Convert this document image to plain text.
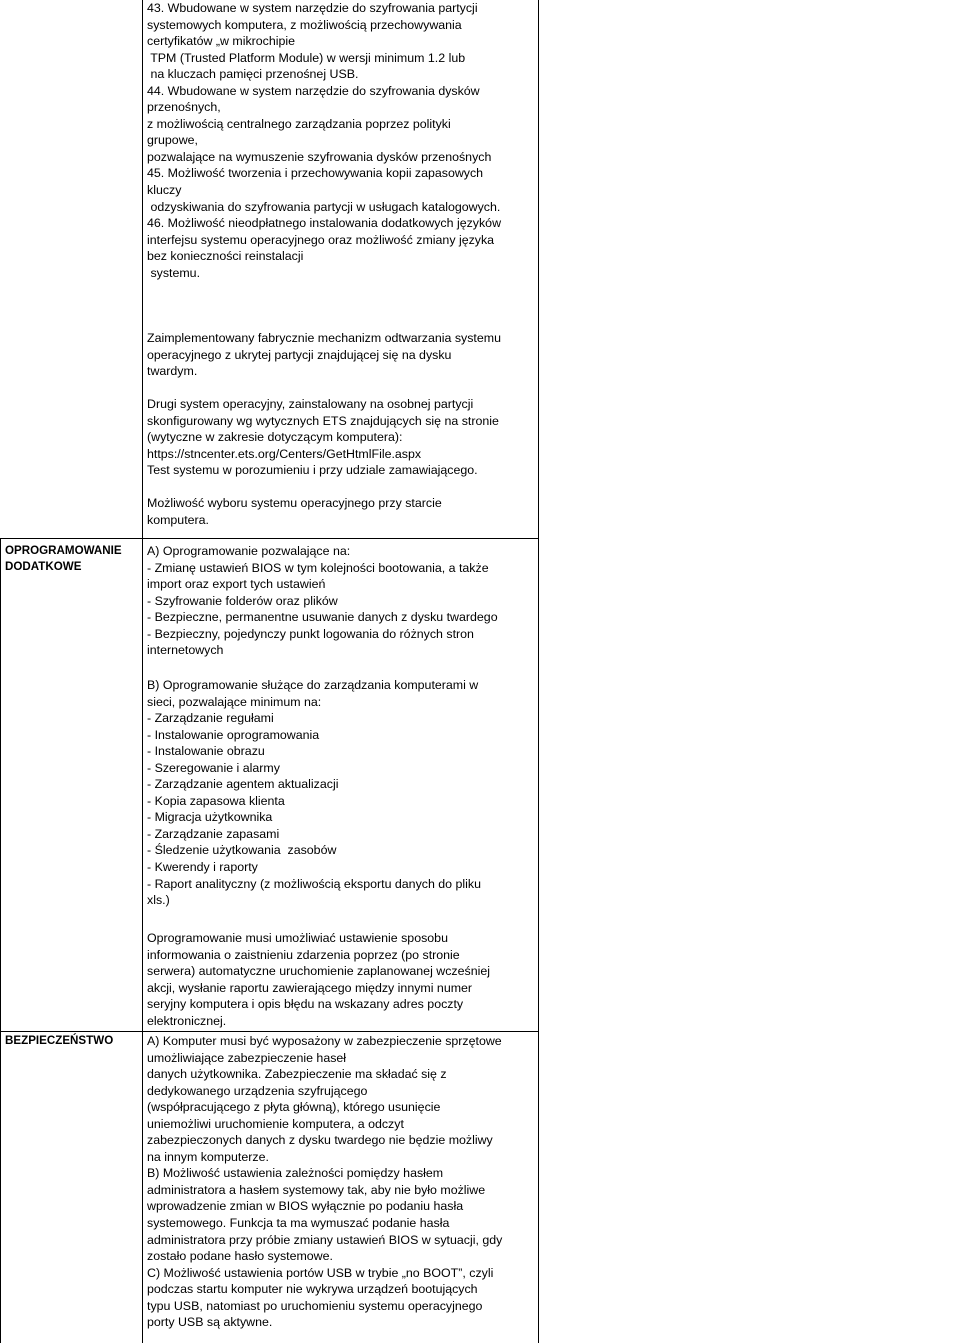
43. Wbudowane w system narzędzie do szyfrowania partycji
systemowych komputera, z możliwością przechowywania
certyfikatów „w mikrochipie
TPM (Trusted Platform Module) w wersji minimum 1.2 lub
na kluczach pamięci przenośnej USB.
44. Wbudowane w system narzędzie do szyfrowania dysków
przenośnych,
z możliwością centralnego zarządzania poprzez polityki
grupowe,
pozwalające na wymuszenie szyfrowania dysków przenośnych
45. Możliwość tworzenia i przechowywania kopii zapasowych
kluczy
odzyskiwania do szyfrowania partycji w usługach katalogowych.
46. Możliwość nieodpłatnego instalowania dodatkowych języków
interfejsu systemu operacyjnego oraz możliwość zmiany języka
bez konieczności reinstalacji
systemu.
Zaimplementowany fabrycznie mechanizm odtwarzania systemu
operacyjnego z ukrytej partycji znajdującej się na dysku
twardym.
Drugi system operacyjny, zainstalowany na osobnej partycji
skonfigurowany wg wytycznych ETS znajdujących się na stronie
(wytyczne w zakresie dotyczącym komputera):
https://stncenter.ets.org/Centers/GetHtmlFile.aspx
Test systemu w porozumieniu i przy udziale zamawiającego.
Możliwość wyboru systemu operacyjnego przy starcie
komputera.
OPROGRAMOWANIE
DODATKOWE
A) Oprogramowanie pozwalające na:
- Zmianę ustawień BIOS w tym kolejności bootowania, a także
import oraz export tych ustawień
- Szyfrowanie folderów oraz plików
- Bezpieczne, permanentne usuwanie danych z dysku twardego
- Bezpieczny, pojedynczy punkt logowania do różnych stron
internetowych
B) Oprogramowanie służące do zarządzania komputerami w
sieci, pozwalające minimum na:
- Zarządzanie regułami
- Instalowanie oprogramowania
- Instalowanie obrazu
- Szeregowanie i alarmy
- Zarządzanie agentem aktualizacji
- Kopia zapasowa klienta
- Migracja użytkownika
- Zarządzanie zapasami
- Śledzenie użytkowania  zasobów
- Kwerendy i raporty
- Raport analityczny (z możliwością eksportu danych do pliku
xls.)
Oprogramowanie musi umożliwiać ustawienie sposobu
informowania o zaistnieniu zdarzenia poprzez (po stronie
serwera) automatyczne uruchomienie zaplanowanej wcześniej
akcji, wysłanie raportu zawierającego między innymi numer
seryjny komputera i opis błędu na wskazany adres poczty
elektronicznej.
BEZPIECZEŃSTWO	A) Komputer musi być wyposażony w zabezpieczenie sprzętowe
umożliwiające zabezpieczenie haseł
danych użytkownika. Zabezpieczenie ma składać się z
dedykowanego urządzenia szyfrującego
(współpracującego z płyta główną), którego usunięcie
uniemożliwi uruchomienie komputera, a odczyt
zabezpieczonych danych z dysku twardego nie będzie możliwy
na innym komputerze.
B) Możliwość ustawienia zależności pomiędzy hasłem
administratora a hasłem systemowy tak, aby nie było możliwe
wprowadzenie zmian w BIOS wyłącznie po podaniu hasła
systemowego. Funkcja ta ma wymuszać podanie hasła
administratora przy próbie zmiany ustawień BIOS w sytuacji, gdy
zostało podane hasło systemowe.
C) Możliwość ustawienia portów USB w trybie „no BOOT”, czyli
podczas startu komputer nie wykrywa urządzeń bootujących
typu USB, natomiast po uruchomieniu systemu operacyjnego
porty USB są aktywne.
